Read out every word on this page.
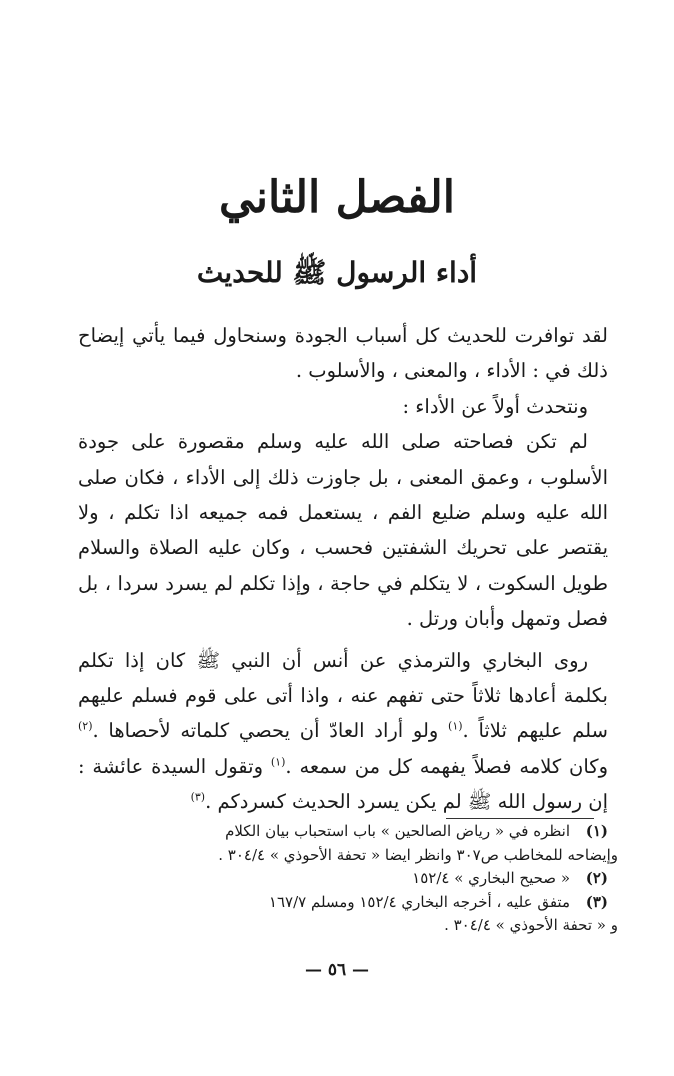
الفصل الثاني
أداء الرسول ﷺ للحديث

لقد توافرت للحديث كل أسباب الجودة وسنحاول فيما يأتي إيضاح ذلك في : الأداء ، والمعنى ، والأسلوب .

ونتحدث أولاً عن الأداء :

لم تكن فصاحته صلى الله عليه وسلم مقصورة على جودة الأسلوب ، وعمق المعنى ، بل جاوزت ذلك إلى الأداء ، فكان صلى الله عليه وسلم ضليع الفم ، يستعمل فمه جميعه اذا تكلم ، ولا يقتصر على تحريك الشفتين فحسب ، وكان عليه الصلاة والسلام طويل السكوت ، لا يتكلم في حاجة ، وإذا تكلم لم يسرد سردا ، بل فصل وتمهل وأبان ورتل .

روى البخاري والترمذي عن أنس أن النبي ﷺ كان إذا تكلم بكلمة أعادها ثلاثاً حتى تفهم عنه ، واذا أتى على قوم فسلم عليهم سلم عليهم ثلاثاً .$^{(١)}$ ولو أراد العادّ أن يحصي كلماته لأحصاها .$^{(٢)}$ وكان كلامه فصلاً يفهمه كل من سمعه .$^{(١)}$ وتقول السيدة عائشة : إن رسول الله ﷺ لم يكن يسرد الحديث كسردكم .$^{(٣)}$

(١)انظره في « رياض الصالحين » باب استحباب بيان الكلام
وإيضاحه للمخاطب ص٣٠٧ وانظر ايضا « تحفة الأحوذي » ٣٠٤/٤ .

(٢)« صحيح البخاري » ١٥٢/٤

(٣)متفق عليه ، أخرجه البخاري ١٥٢/٤ ومسلم ١٦٧/٧
و « تحفة الأحوذي » ٣٠٤/٤ .

— ٥٦ —
